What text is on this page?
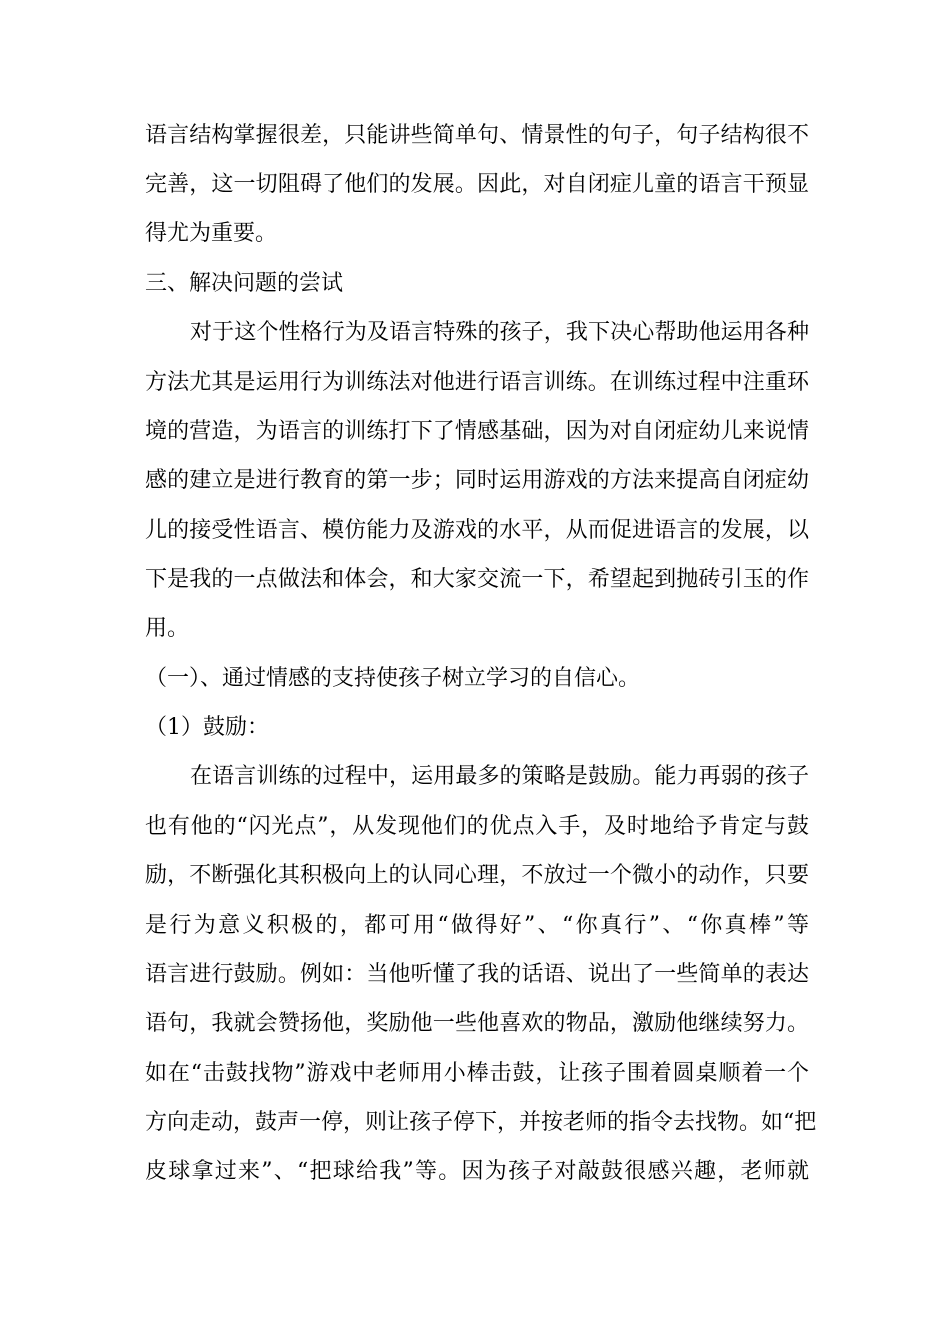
语言结构掌握很差，只能讲些简单句、情景性的句子，句子结构很不
完善，这一切阻碍了他们的发展。因此，对自闭症儿童的语言干预显
得尤为重要。
三、解决问题的尝试
对于这个性格行为及语言特殊的孩子，我下决心帮助他运用各种
方法尤其是运用行为训练法对他进行语言训练。在训练过程中注重环
境的营造，为语言的训练打下了情感基础，因为对自闭症幼儿来说情
感的建立是进行教育的第一步；同时运用游戏的方法来提高自闭症幼
儿的接受性语言、模仿能力及游戏的水平，从而促进语言的发展，以
下是我的一点做法和体会，和大家交流一下，希望起到抛砖引玉的作
用。
（一）、通过情感的支持使孩子树立学习的自信心。
（1）鼓励：
在语言训练的过程中，运用最多的策略是鼓励。能力再弱的孩子
也有他的“闪光点”，从发现他们的优点入手，及时地给予肯定与鼓
励，不断强化其积极向上的认同心理，不放过一个微小的动作，只要
是行为意义积极的，都可用“做得好”、“你真行”、“你真棒”等
语言进行鼓励。例如：当他听懂了我的话语、说出了一些简单的表达
语句，我就会赞扬他，奖励他一些他喜欢的物品，激励他继续努力。
如在“击鼓找物”游戏中老师用小棒击鼓，让孩子围着圆桌顺着一个
方向走动，鼓声一停，则让孩子停下，并按老师的指令去找物。如“把
皮球拿过来”、“把球给我”等。因为孩子对敲鼓很感兴趣，老师就
